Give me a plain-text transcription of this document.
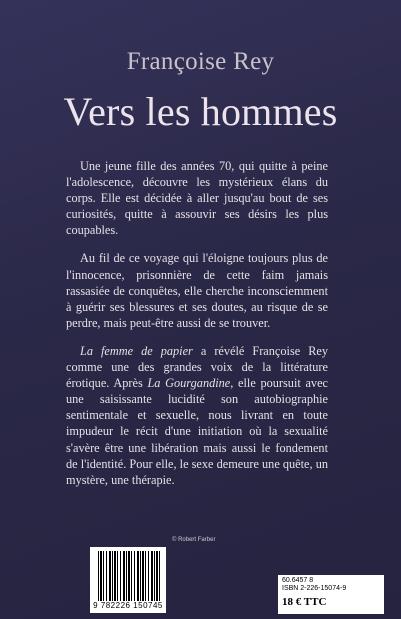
Françoise Rey
Vers les hommes

Une jeune fille des années 70, qui quitte à peine l'adolescence, découvre les mystérieux élans du corps. Elle est décidée à aller jusqu'au bout de ses curiosités, quitte à assouvir ses désirs les plus coupables.

Au fil de ce voyage qui l'éloigne toujours plus de l'innocence, prisonnière de cette faim jamais rassasiée de conquêtes, elle cherche inconsciemment à guérir ses blessures et ses doutes, au risque de se perdre, mais peut-être aussi de se trouver.

La femme de papier a révélé Françoise Rey comme une des grandes voix de la littérature érotique. Après La Gourgandine, elle poursuit avec une saisissante lucidité son autobiographie sentimentale et sexuelle, nous livrant en toute impudeur le récit d'une initiation où la sexualité s'avère être une libération mais aussi le fondement de l'identité. Pour elle, le sexe demeure une quête, un mystère, une thérapie.

© Robert Farber
9 782226 150745
60.6457 8
ISBN 2-226-15074-9
18 € TTC
